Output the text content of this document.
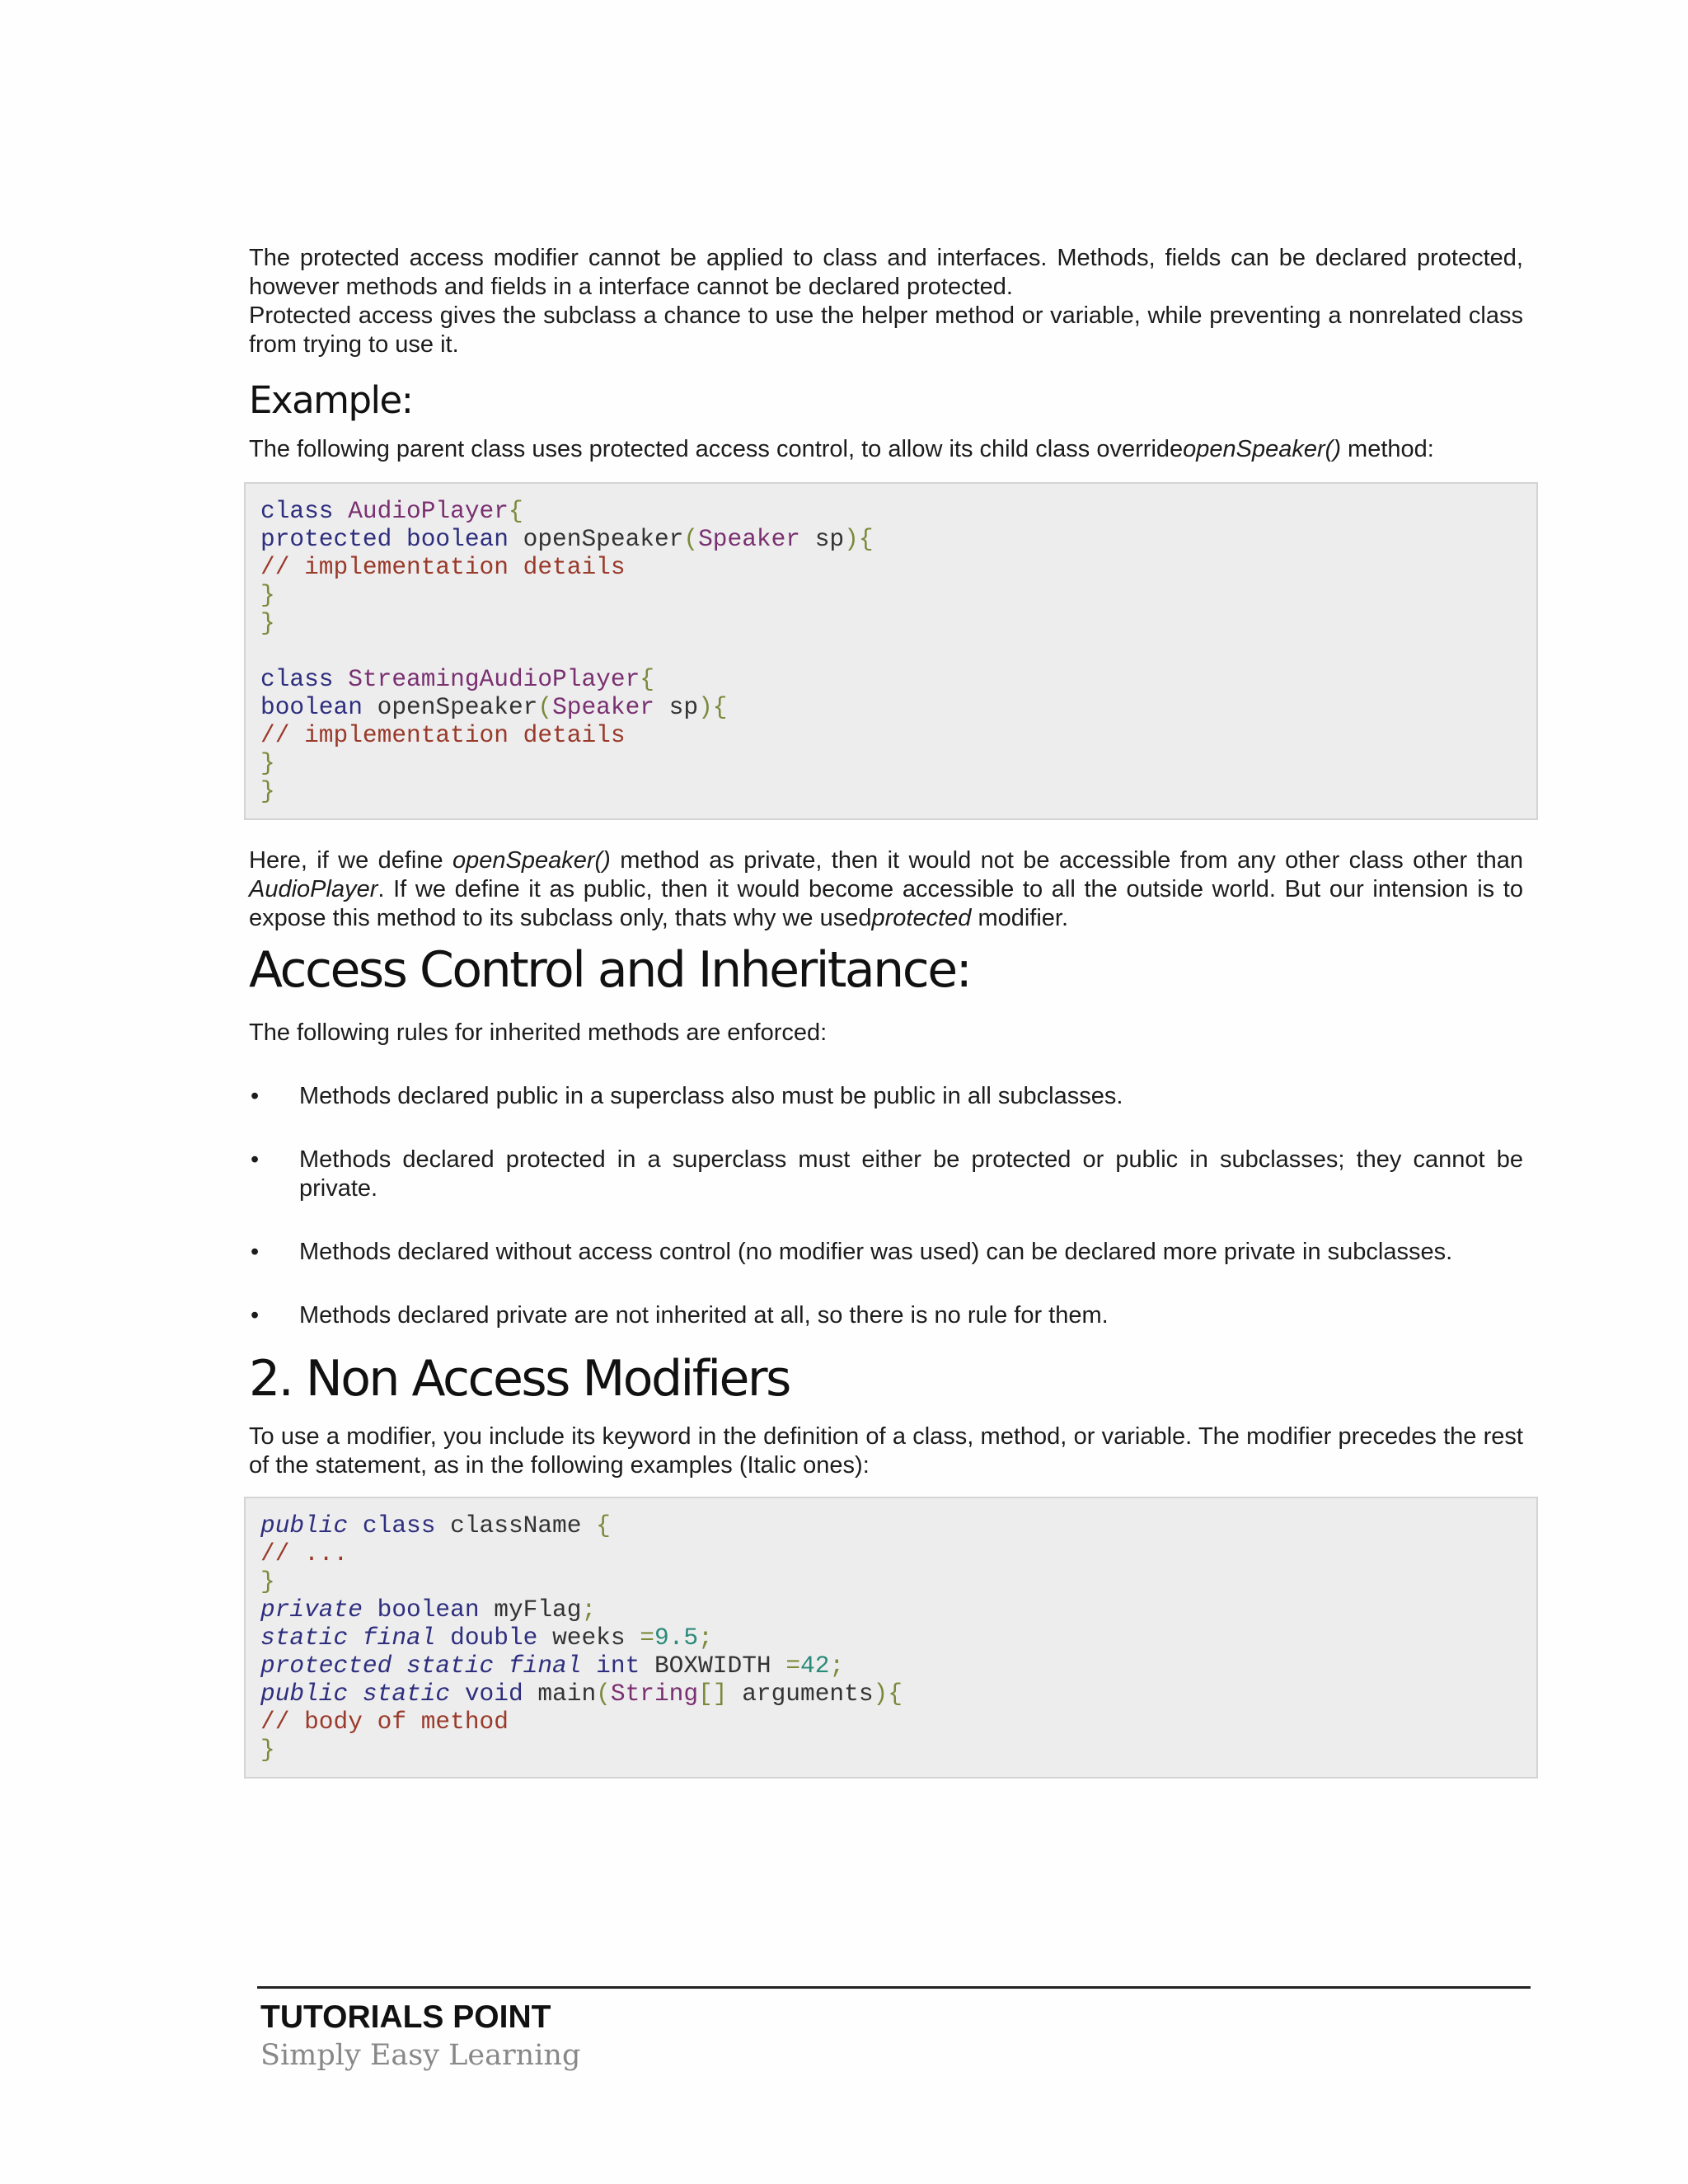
The protected access modifier cannot be applied to class and interfaces. Methods, fields can be declared protected, however methods and fields in a interface cannot be declared protected.

Protected access gives the subclass a chance to use the helper method or variable, while preventing a nonrelated class from trying to use it.

Example:

The following parent class uses protected access control, to allow its child class overrideopenSpeaker() method:

class AudioPlayer{
protected boolean openSpeaker(Speaker sp){
// implementation details
}
}
class StreamingAudioPlayer{
boolean openSpeaker(Speaker sp){
// implementation details
}
}

Here, if we define openSpeaker() method as private, then it would not be accessible from any other class other than AudioPlayer. If we define it as public, then it would become accessible to all the outside world. But our intension is to expose this method to its subclass only, thats why we usedprotected modifier.

Access Control and Inheritance:

The following rules for inherited methods are enforced:

• Methods declared public in a superclass also must be public in all subclasses.
• Methods declared protected in a superclass must either be protected or public in subclasses; they cannot be private.
• Methods declared without access control (no modifier was used) can be declared more private in subclasses.
• Methods declared private are not inherited at all, so there is no rule for them.
2. Non Access Modifiers

To use a modifier, you include its keyword in the definition of a class, method, or variable. The modifier precedes the rest of the statement, as in the following examples (Italic ones):

public class className {
// ...
}
private boolean myFlag;
static final double weeks =9.5;
protected static final int BOXWIDTH =42;
public static void main(String[] arguments){
// body of method
}
TUTORIALS POINT
Simply Easy Learning
